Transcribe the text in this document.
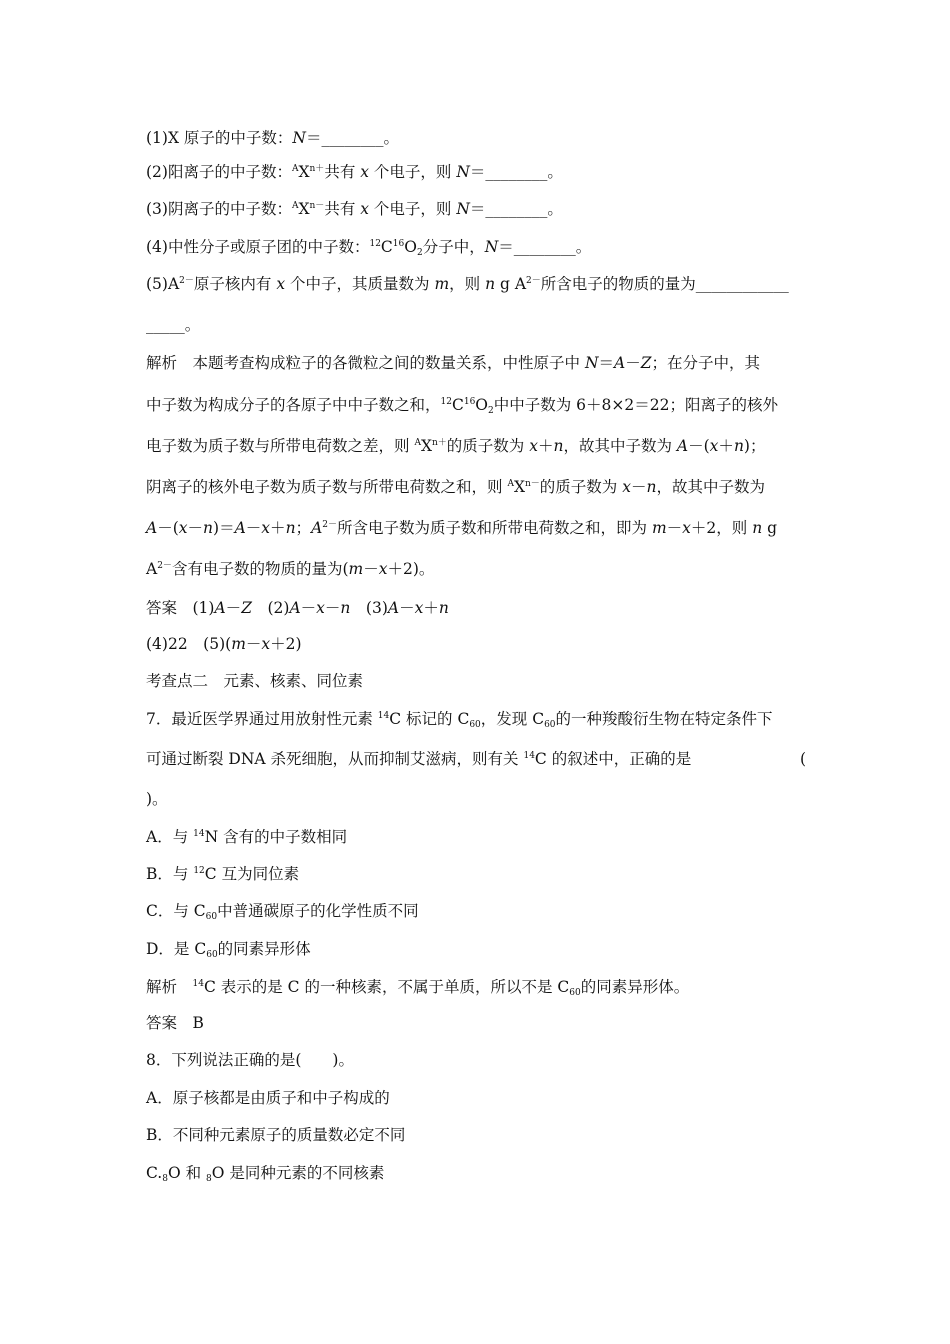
(1)X 原子的中子数：N＝________。
(2)阳离子的中子数：$^AX^{n+}$共有 x 个电子，则 N＝________。
(3)阴离子的中子数：$^AX^{n-}$共有 x 个电子，则 N＝________。
(4)中性分子或原子团的中子数：$^{12}C^{16}O_2$分子中，N＝________。
$(5)A^{2-}$原子核内有 x 个中子，其质量数为 m，则 n g $A^{2-}$所含电子的物质的量为____________
_____。
解析　本题考查构成粒子的各微粒之间的数量关系，中性原子中 N＝A－Z；在分子中，其
中子数为构成分子的各原子中中子数之和，$^{12}C^{16}O_2$中中子数为 6＋8×2＝22；阳离子的核外
电子数为质子数与所带电荷数之差，则 $^AX^{n+}$的质子数为 x＋n，故其中子数为 A－(x＋n)；
阴离子的核外电子数为质子数与所带电荷数之和，则 $^AX^{n-}$的质子数为 x－n，故其中子数为
A－(x－n)＝A－x＋n；$A^{2-}$所含电子数为质子数和所带电荷数之和，即为 m－x＋2，则 n g
$A^{2-}$含有电子数的物质的量为(m－x＋2)。
答案　(1)A－Z　(2)A－x－n　(3)A－x＋n
(4)22　(5)(m－x＋2)
考查点二　元素、核素、同位素
7．最近医学界通过用放射性元素 $^{14}$C 标记的 $C_{60}$，发现 $C_{60}$的一种羧酸衍生物在特定条件下
可通过断裂 DNA 杀死细胞，从而抑制艾滋病，则有关 $^{14}$C 的叙述中，正确的是	(
)。
A．与 $^{14}$N 含有的中子数相同
B．与 $^{12}$C 互为同位素
C．与 $C_{60}$中普通碳原子的化学性质不同
D．是 $C_{60}$的同素异形体
解析　$^{14}$C 表示的是 C 的一种核素，不属于单质，所以不是 $C_{60}$的同素异形体。
答案　B
8．下列说法正确的是(　　)。
A．原子核都是由质子和中子构成的
B．不同种元素原子的质量数必定不同
$C._8O$ 和 $_8$O 是同种元素的不同核素
